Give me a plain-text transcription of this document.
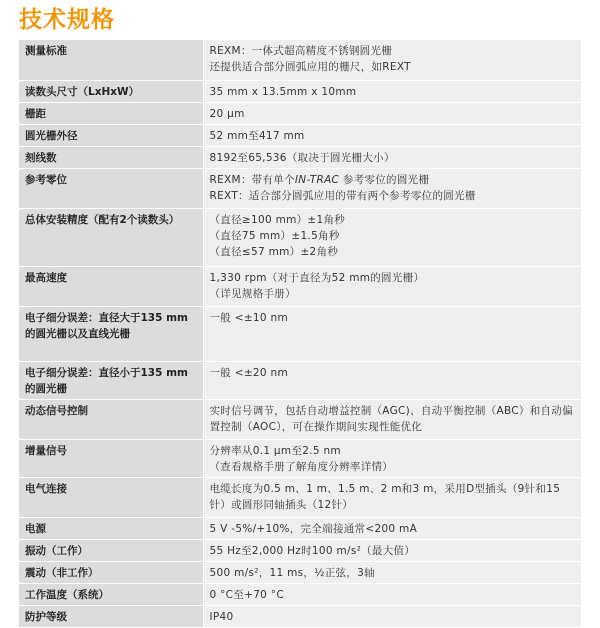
技术规格
测量标准	REXM：一体式超高精度不锈钢圆光栅
还提供适合部分圆弧应用的栅尺，如REXT

读数头尺寸（LxHxW）	35 mm x 13.5mm x 10mm

栅距	20 μm

圆光栅外径	52 mm至417 mm

刻线数	8192至65,536（取决于圆光栅大小）

参考零位	REXM：带有单个IN-TRAC 参考零位的圆光栅
REXT：适合部分圆弧应用的带有两个参考零位的圆光栅

总体安装精度（配有2个读数头）	（直径≥100 mm）±1角秒
（直径75 mm）±1.5角秒
（直径≤57 mm）±2角秒

最高速度	1,330 rpm（对于直径为52 mm的圆光栅）
（详见规格手册）

电子细分误差：直径大于135 mm的圆光栅以及直线光栅	一般 <±10 nm

电子细分误差：直径小于135 mm的圆光栅	一般 <±20 nm

动态信号控制	实时信号调节，包括自动增益控制（AGC)、自动平衡控制（ABC）和自动偏置控制（AOC），可在操作期间实现性能优化

增量信号	分辨率从0.1 μm至2.5 nm
（查看规格手册了解角度分辨率详情）

电气连接	电缆长度为0.5 m、1 m、1.5 m、2 m和3 m，采用D型插头（9针和15针）或圆形同轴插头（12针）

电源	5 V -5%/+10%，完全端接通常<200 mA

振动（工作）	55 Hz至2,000 Hz时100 m/s²（最大值）

震动（非工作）	500 m/s²，11 ms，½正弦，3轴

工作温度（系统）	0 °C至+70 °C

防护等级	IP40
